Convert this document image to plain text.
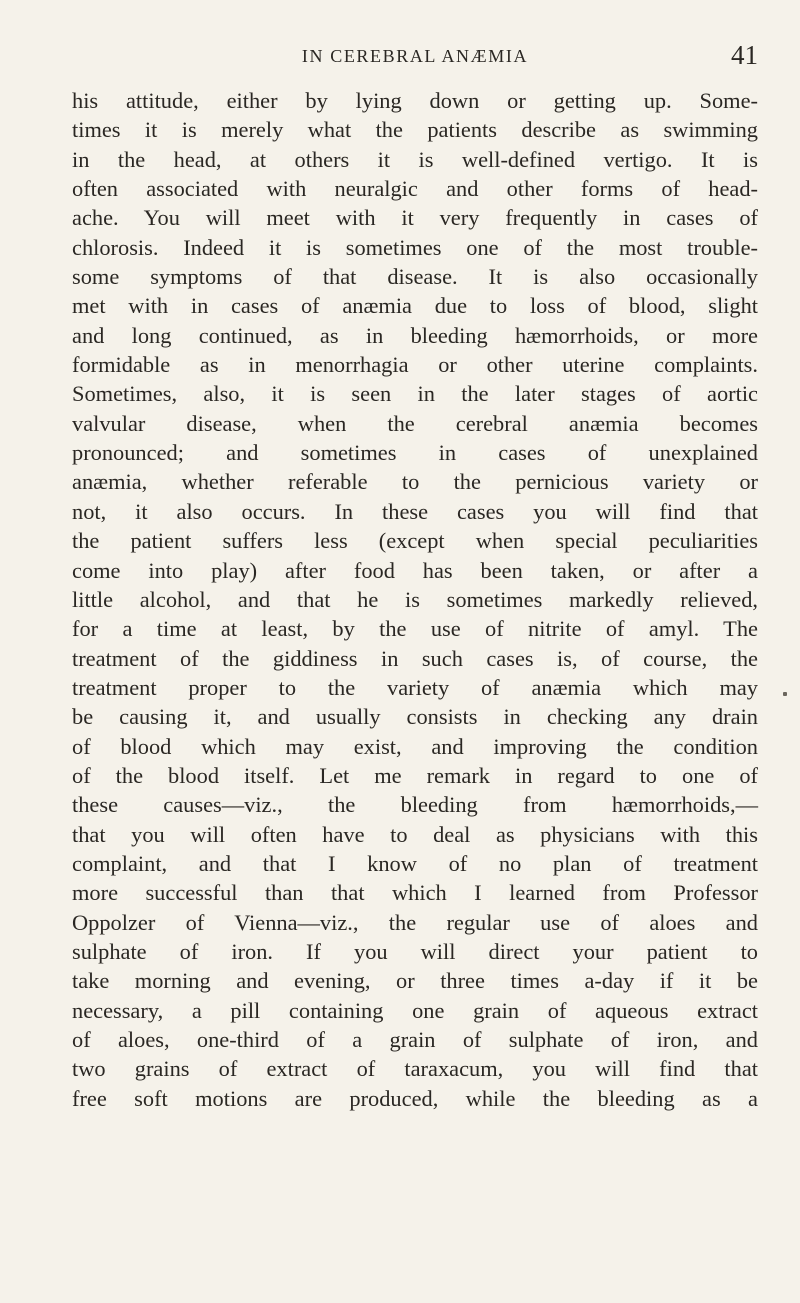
IN CEREBRAL ANÆMIA	41
his attitude, either by lying down or getting up. Some-
times it is merely what the patients describe as swimming
in the head, at others it is well-defined vertigo. It is
often associated with neuralgic and other forms of head-
ache. You will meet with it very frequently in cases of
chlorosis. Indeed it is sometimes one of the most trouble-
some symptoms of that disease. It is also occasionally
met with in cases of anæmia due to loss of blood, slight
and long continued, as in bleeding hæmorrhoids, or more
formidable as in menorrhagia or other uterine complaints.
Sometimes, also, it is seen in the later stages of aortic
valvular disease, when the cerebral anæmia becomes
pronounced; and sometimes in cases of unexplained
anæmia, whether referable to the pernicious variety or
not, it also occurs. In these cases you will find that
the patient suffers less (except when special peculiarities
come into play) after food has been taken, or after a
little alcohol, and that he is sometimes markedly relieved,
for a time at least, by the use of nitrite of amyl. The
treatment of the giddiness in such cases is, of course, the
treatment proper to the variety of anæmia which may
be causing it, and usually consists in checking any drain
of blood which may exist, and improving the condition
of the blood itself. Let me remark in regard to one of
these causes—viz., the bleeding from hæmorrhoids,—
that you will often have to deal as physicians with this
complaint, and that I know of no plan of treatment
more successful than that which I learned from Professor
Oppolzer of Vienna—viz., the regular use of aloes and
sulphate of iron. If you will direct your patient to
take morning and evening, or three times a-day if it be
necessary, a pill containing one grain of aqueous extract
of aloes, one-third of a grain of sulphate of iron, and
two grains of extract of taraxacum, you will find that
free soft motions are produced, while the bleeding as a
